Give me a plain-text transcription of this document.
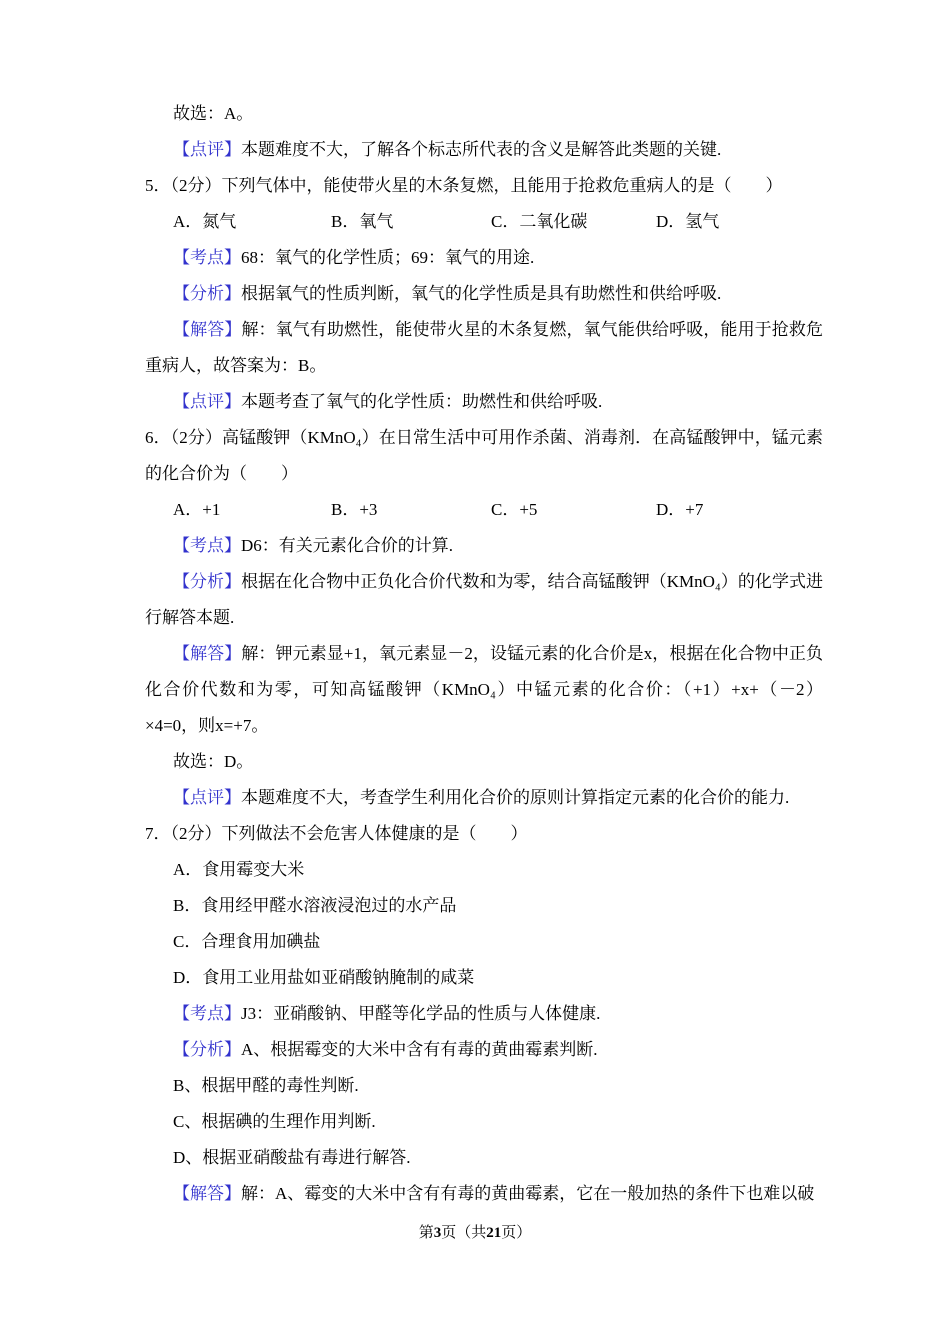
故选：A。

【点评】本题难度不大，了解各个标志所代表的含义是解答此类题的关键.

5．（2分）下列气体中，能使带火星的木条复燃，且能用于抢救危重病人的是（　　）

A．氮气	B．氧气	C．二氧化碳	D．氢气

【考点】68：氧气的化学性质；69：氧气的用途.

【分析】根据氧气的性质判断，氧气的化学性质是具有助燃性和供给呼吸.

【解答】解：氧气有助燃性，能使带火星的木条复燃，氧气能供给呼吸，能用于抢救危重病人，故答案为：B。

【点评】本题考查了氧气的化学性质：助燃性和供给呼吸.

6．（2分）高锰酸钾（KMnO₄）在日常生活中可用作杀菌、消毒剂．在高锰酸钾中，锰元素的化合价为（　　）

A．+1	B．+3	C．+5	D．+7

【考点】D6：有关元素化合价的计算.

【分析】根据在化合物中正负化合价代数和为零，结合高锰酸钾（KMnO₄）的化学式进行解答本题.

【解答】解：钾元素显+1，氧元素显－2，设锰元素的化合价是x，根据在化合物中正负化合价代数和为零，可知高锰酸钾（KMnO₄）中锰元素的化合价：（+1）+x+（－2）×4=0，则x=+7。

故选：D。

【点评】本题难度不大，考查学生利用化合价的原则计算指定元素的化合价的能力.

7．（2分）下列做法不会危害人体健康的是（　　）

A．食用霉变大米

B．食用经甲醛水溶液浸泡过的水产品

C．合理食用加碘盐

D．食用工业用盐如亚硝酸钠腌制的咸菜

【考点】J3：亚硝酸钠、甲醛等化学品的性质与人体健康.

【分析】A、根据霉变的大米中含有有毒的黄曲霉素判断.

B、根据甲醛的毒性判断.

C、根据碘的生理作用判断.

D、根据亚硝酸盐有毒进行解答.

【解答】解：A、霉变的大米中含有有毒的黄曲霉素，它在一般加热的条件下也难以破

第3页（共21页）
